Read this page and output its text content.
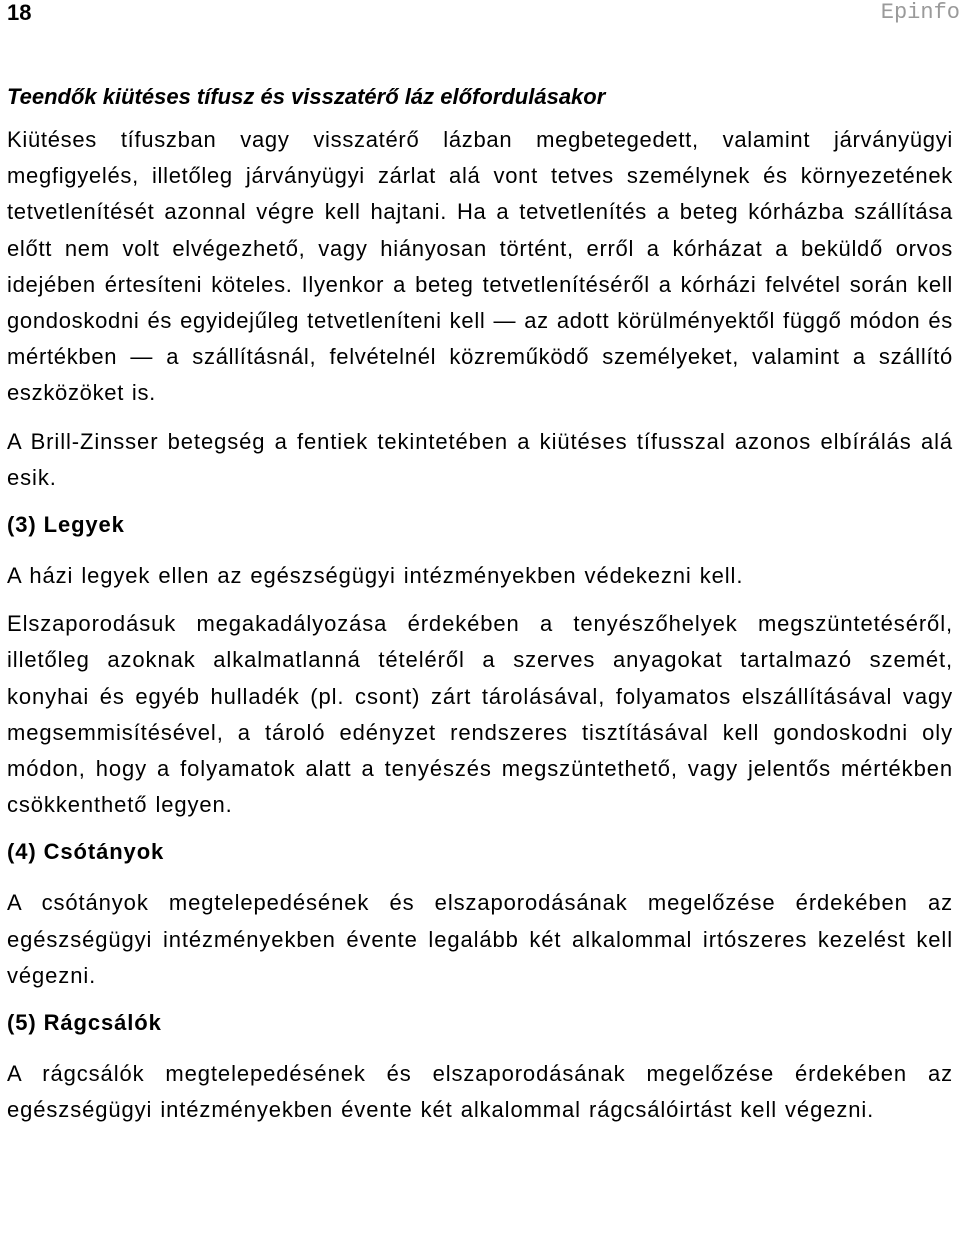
18	Epinfo
Teendők kiütéses tífusz és visszatérő láz előfordulásakor

Kiütéses tífuszban vagy visszatérő lázban megbetegedett, valamint járványügyi megfigyelés, illetőleg járványügyi zárlat alá vont tetves személynek és környezetének tetvetlenítését azonnal végre kell hajtani. Ha a tetvetlenítés a beteg kórházba szállítása előtt nem volt elvégezhető, vagy hiányosan történt, erről a kórházat a beküldő orvos idejében értesíteni köteles. Ilyenkor a beteg tetvetlenítéséről a kórházi felvétel során kell gondoskodni és egyidejűleg tetvetleníteni kell — az adott körülményektől függő módon és mértékben — a szállításnál, felvételnél közreműködő személyeket, valamint a szállító eszközöket is.

A Brill-Zinsser betegség a fentiek tekintetében a kiütéses tífusszal azonos elbírálás alá esik.

(3) Legyek

A házi legyek ellen az egészségügyi intézményekben védekezni kell.

Elszaporodásuk megakadályozása érdekében a tenyészőhelyek megszüntetéséről, illetőleg azoknak alkalmatlanná tételéről a szerves anyagokat tartalmazó szemét, konyhai és egyéb hulladék (pl. csont) zárt tárolásával, folyamatos elszállításával vagy megsemmisítésével, a tároló edényzet rendszeres tisztításával kell gondoskodni oly módon, hogy a folyamatok alatt a tenyészés megszüntethető, vagy jelentős mértékben csökkenthető legyen.

(4) Csótányok

A csótányok megtelepedésének és elszaporodásának megelőzése érdekében az egészségügyi intézményekben évente legalább két alkalommal irtószeres kezelést kell végezni.

(5) Rágcsálók

A rágcsálók megtelepedésének és elszaporodásának megelőzése érdekében az egészségügyi intézményekben évente két alkalommal rágcsálóirtást kell végezni.
